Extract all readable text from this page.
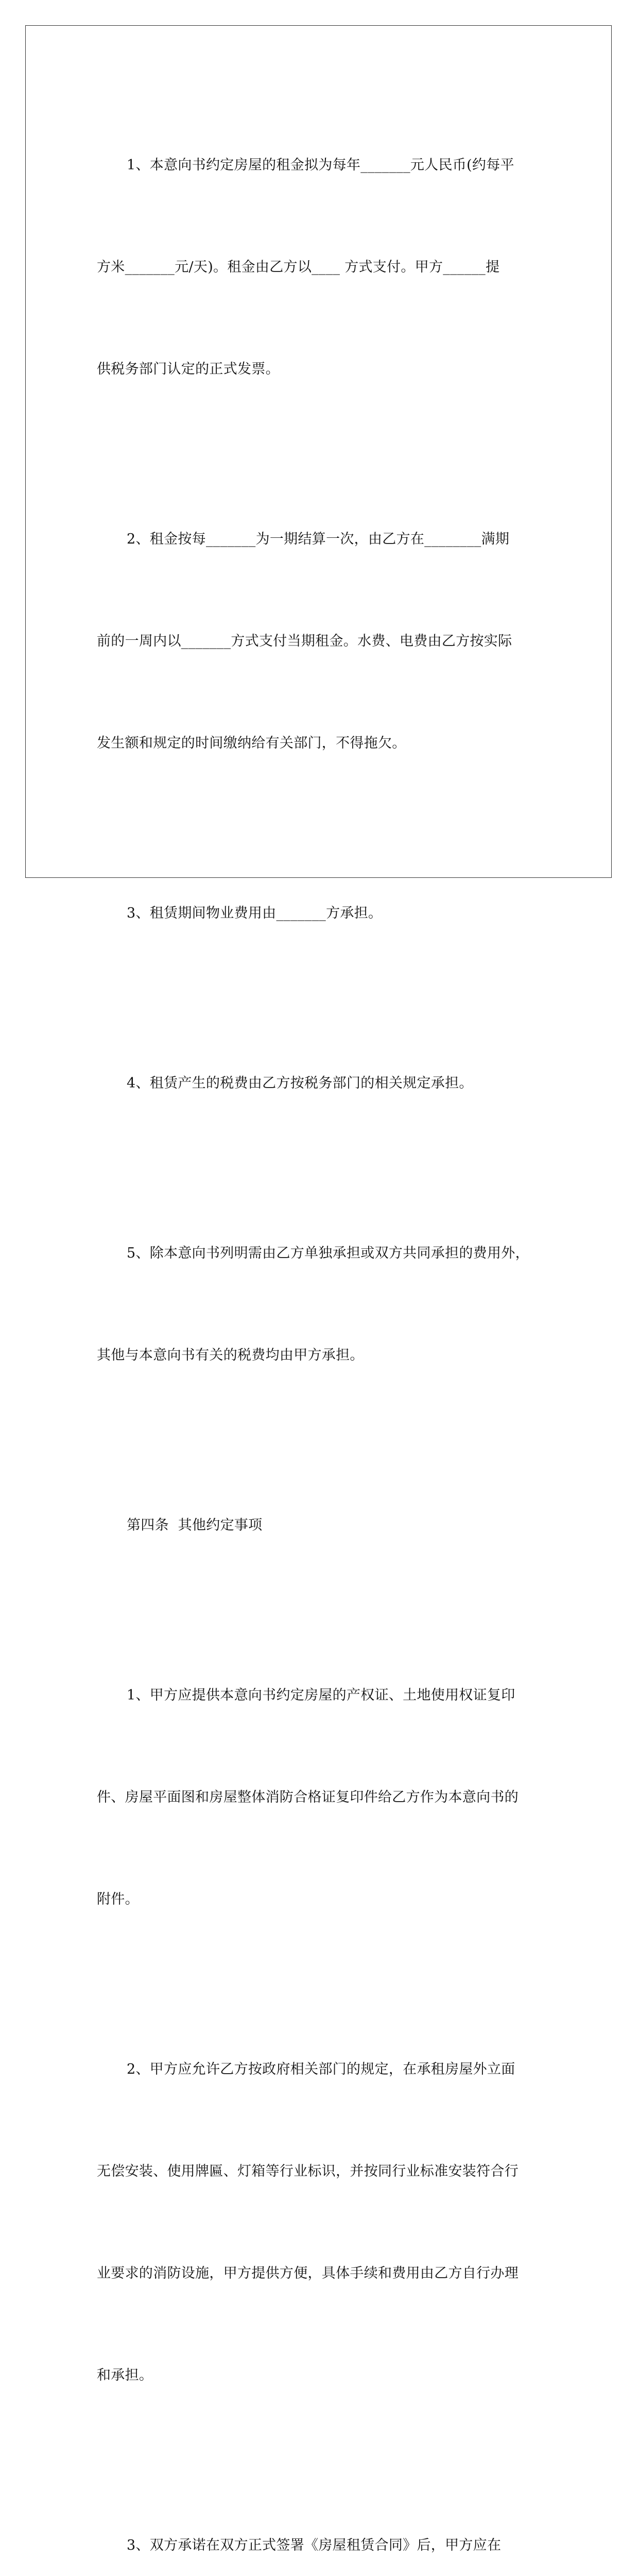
1、本意向书约定房屋的租金拟为每年_______元人民币(约每平

方米_______元/天)。租金由乙方以____ 方式支付。甲方______提

供税务部门认定的正式发票。

2、租金按每_______为一期结算一次，由乙方在________满期

前的一周内以_______方式支付当期租金。水费、电费由乙方按实际

发生额和规定的时间缴纳给有关部门，不得拖欠。

3、租赁期间物业费用由_______方承担。

4、租赁产生的税费由乙方按税务部门的相关规定承担。

5、除本意向书列明需由乙方单独承担或双方共同承担的费用外，

其他与本意向书有关的税费均由甲方承担。

第四条  其他约定事项

1、甲方应提供本意向书约定房屋的产权证、土地使用权证复印

件、房屋平面图和房屋整体消防合格证复印件给乙方作为本意向书的

附件。

2、甲方应允许乙方按政府相关部门的规定，在承租房屋外立面

无偿安装、使用牌匾、灯箱等行业标识，并按同行业标准安装符合行

业要求的消防设施，甲方提供方便，具体手续和费用由乙方自行办理

和承担。

3、双方承诺在双方正式签署《房屋租赁合同》后，甲方应在
